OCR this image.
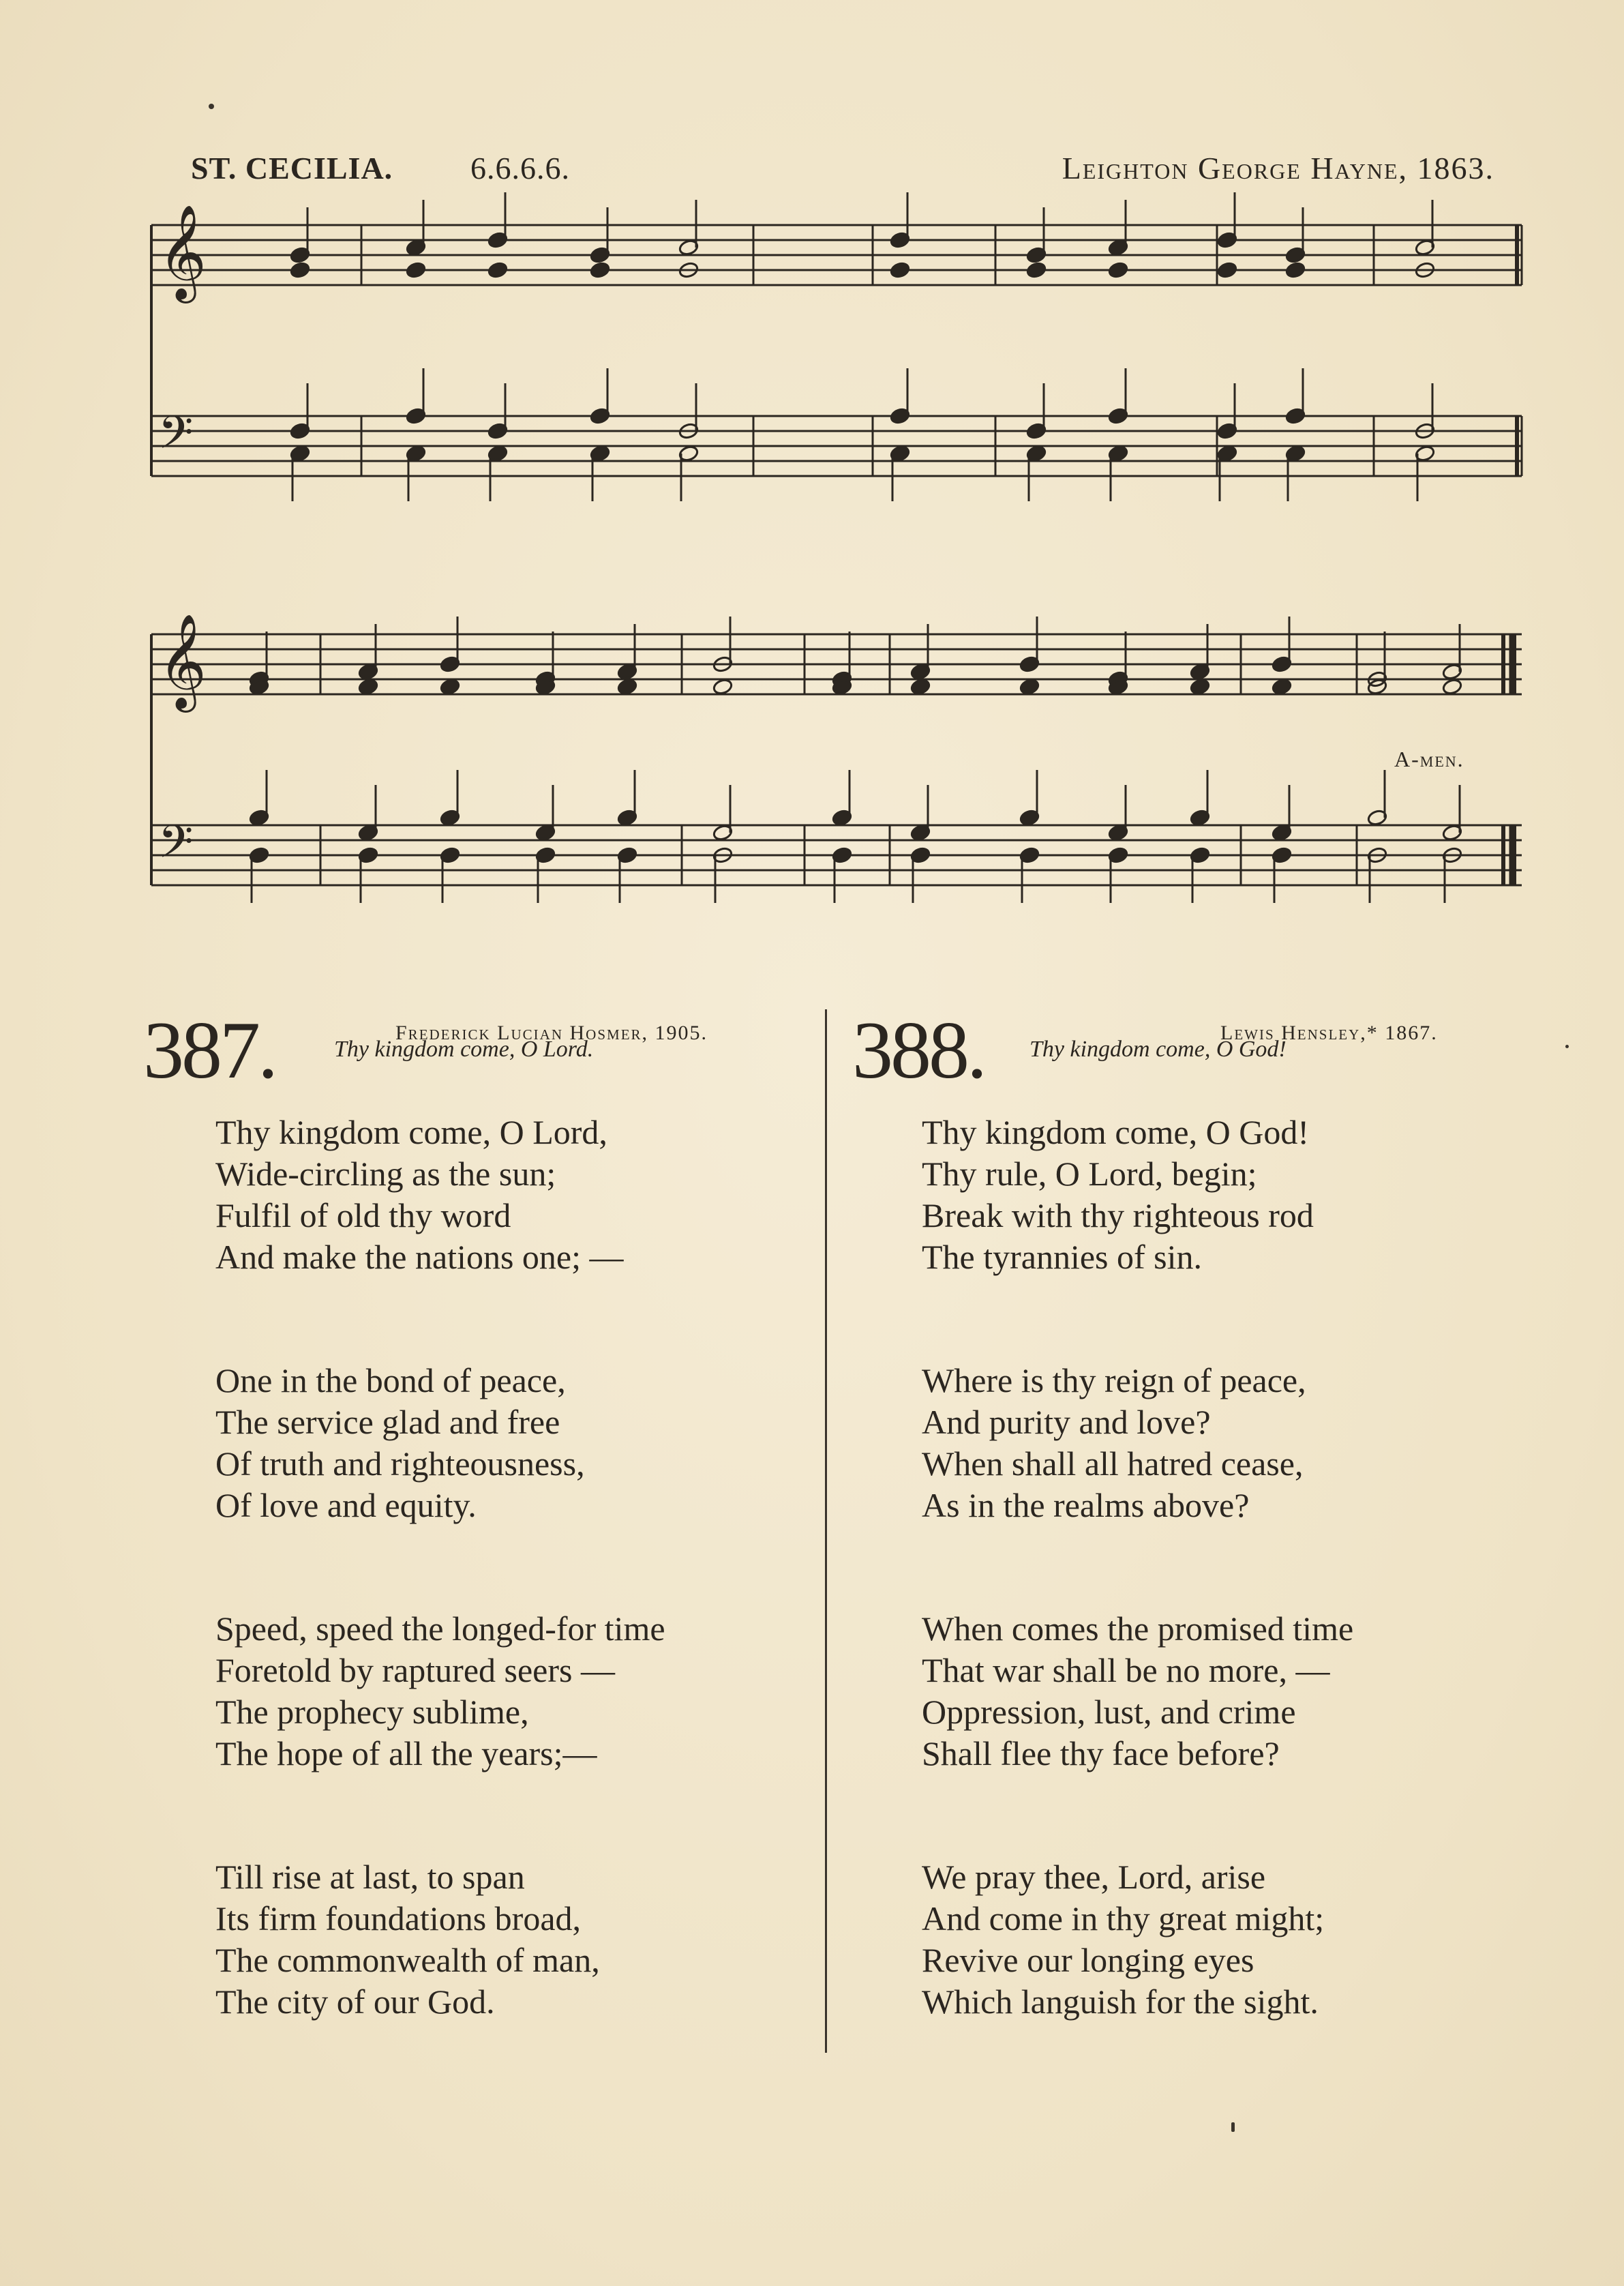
ST. CECILIA. 6.6.6.6.	Leighton George Hayne, 1863.
𝄞
𝄢
𝄞
𝄢
A-men.
387.	Thy kingdom come, O Lord.
Thy kingdom come, O Lord,
Wide-circling as the sun;
Fulfil of old thy word
And make the nations one; —
One in the bond of peace,
The service glad and free
Of truth and righteousness,
Of love and equity.
Speed, speed the longed-for time
Foretold by raptured seers —
The prophecy sublime,
The hope of all the years;—
Till rise at last, to span
Its firm foundations broad,
The commonwealth of man,
The city of our God.
Frederick Lucian Hosmer, 1905. 388. Thy kingdom come, O God!
Thy kingdom come, O God!
Thy rule, O Lord, begin;
Break with thy righteous rod
The tyrannies of sin.
Where is thy reign of peace,
And purity and love?
When shall all hatred cease,
As in the realms above?
When comes the promised time
That war shall be no more, —
Oppression, lust, and crime
Shall flee thy face before?
We pray thee, Lord, arise
And come in thy great might;
Revive our longing eyes
Which languish for the sight.
Lewis Hensley,* 1867.
